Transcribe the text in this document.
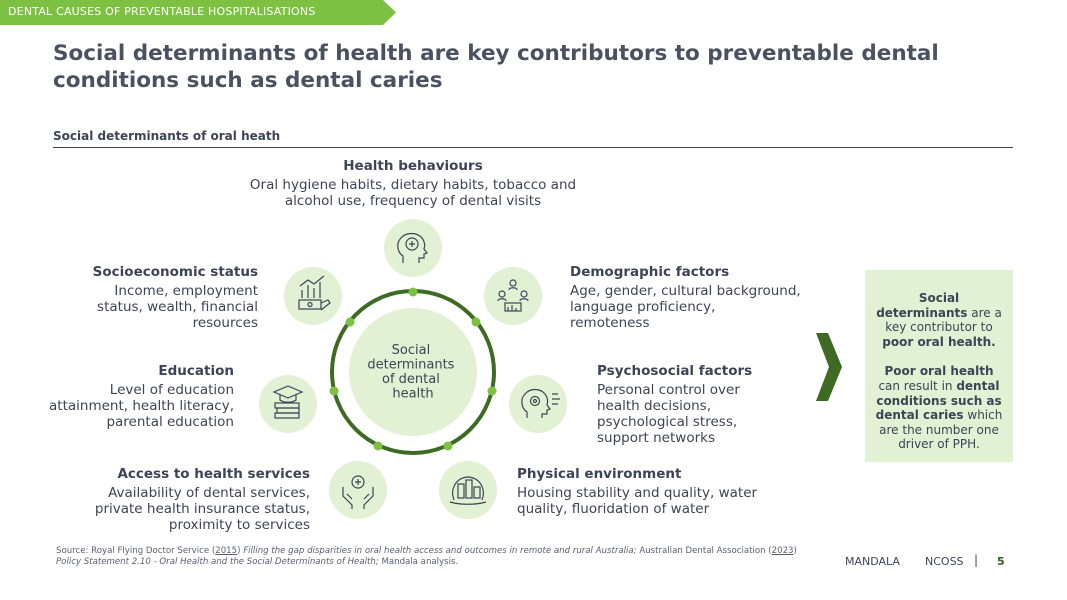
DENTAL CAUSES OF PREVENTABLE HOSPITALISATIONS
Social determinants of health are key contributors to preventable dental conditions such as dental caries
Social determinants of oral heath
Social determinants of dental health
Health behaviours
Oral hygiene habits, dietary habits, tobacco and
alcohol use, frequency of dental visits
Demographic factors
Age, gender, cultural background,
language proficiency,
remoteness
Psychosocial factors
Personal control over
health decisions,
psychological stress,
support networks
Physical environment
Housing stability and quality, water
quality, fluoridation of water
Access to health services
Availability of dental services,
private health insurance status,
proximity to services
Education
Level of education
attainment, health literacy,
parental education
Socioeconomic status
Income, employment
status, wealth, financial
resources

Social determinants are a key contributor to poor oral health.

Poor oral health can result in dental conditions such as dental caries which are the number one driver of PPH.

Source: Royal Flying Doctor Service (2015) Filling the gap disparities in oral health access and outcomes in remote and rural Australia; Australian Dental Association (2023) Policy Statement 2.10 - Oral Health and the Social Determinants of Health; Mandala analysis.	MANDALA NCOSS | 5
